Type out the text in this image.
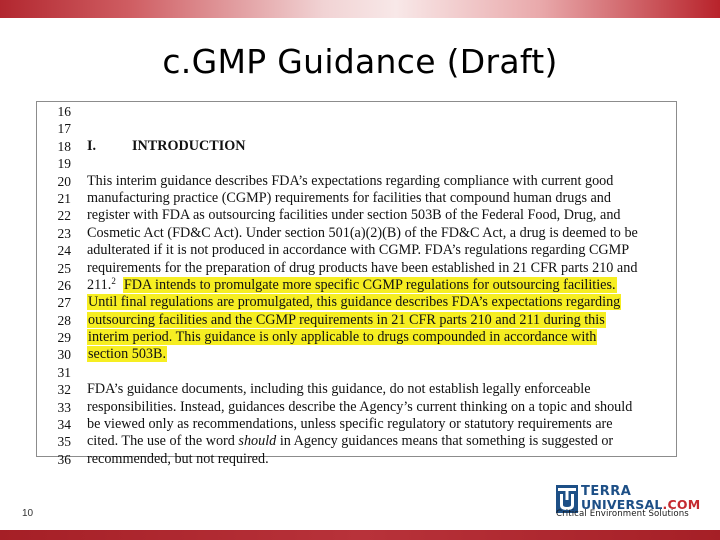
c.GMP Guidance (Draft)
16
17
18
19
20
21
22
23
24
25
26
27
28
29
30
31
32
33
34
35
36
I.	INTRODUCTION
This interim guidance describes FDA’s expectations regarding compliance with current good
manufacturing practice (CGMP) requirements for facilities that compound human drugs and
register with FDA as outsourcing facilities under section 503B of the Federal Food, Drug, and
Cosmetic Act (FD&C Act). Under section 501(a)(2)(B) of the FD&C Act, a drug is deemed to be
adulterated if it is not produced in accordance with CGMP. FDA’s regulations regarding CGMP
requirements for the preparation of drug products have been established in 21 CFR parts 210 and
211.$^2$ FDA intends to promulgate more specific CGMP regulations for outsourcing facilities.
Until final regulations are promulgated, this guidance describes FDA’s expectations regarding
outsourcing facilities and the CGMP requirements in 21 CFR parts 210 and 211 during this
interim period. This guidance is only applicable to drugs compounded in accordance with
section 503B.
FDA’s guidance documents, including this guidance, do not establish legally enforceable
responsibilities. Instead, guidances describe the Agency’s current thinking on a topic and should
be viewed only as recommendations, unless specific regulatory or statutory requirements are
cited. The use of the word should in Agency guidances means that something is suggested or
recommended, but not required.
10
TERRA
UNIVERSAL.COM
Critical Environment Solutions
